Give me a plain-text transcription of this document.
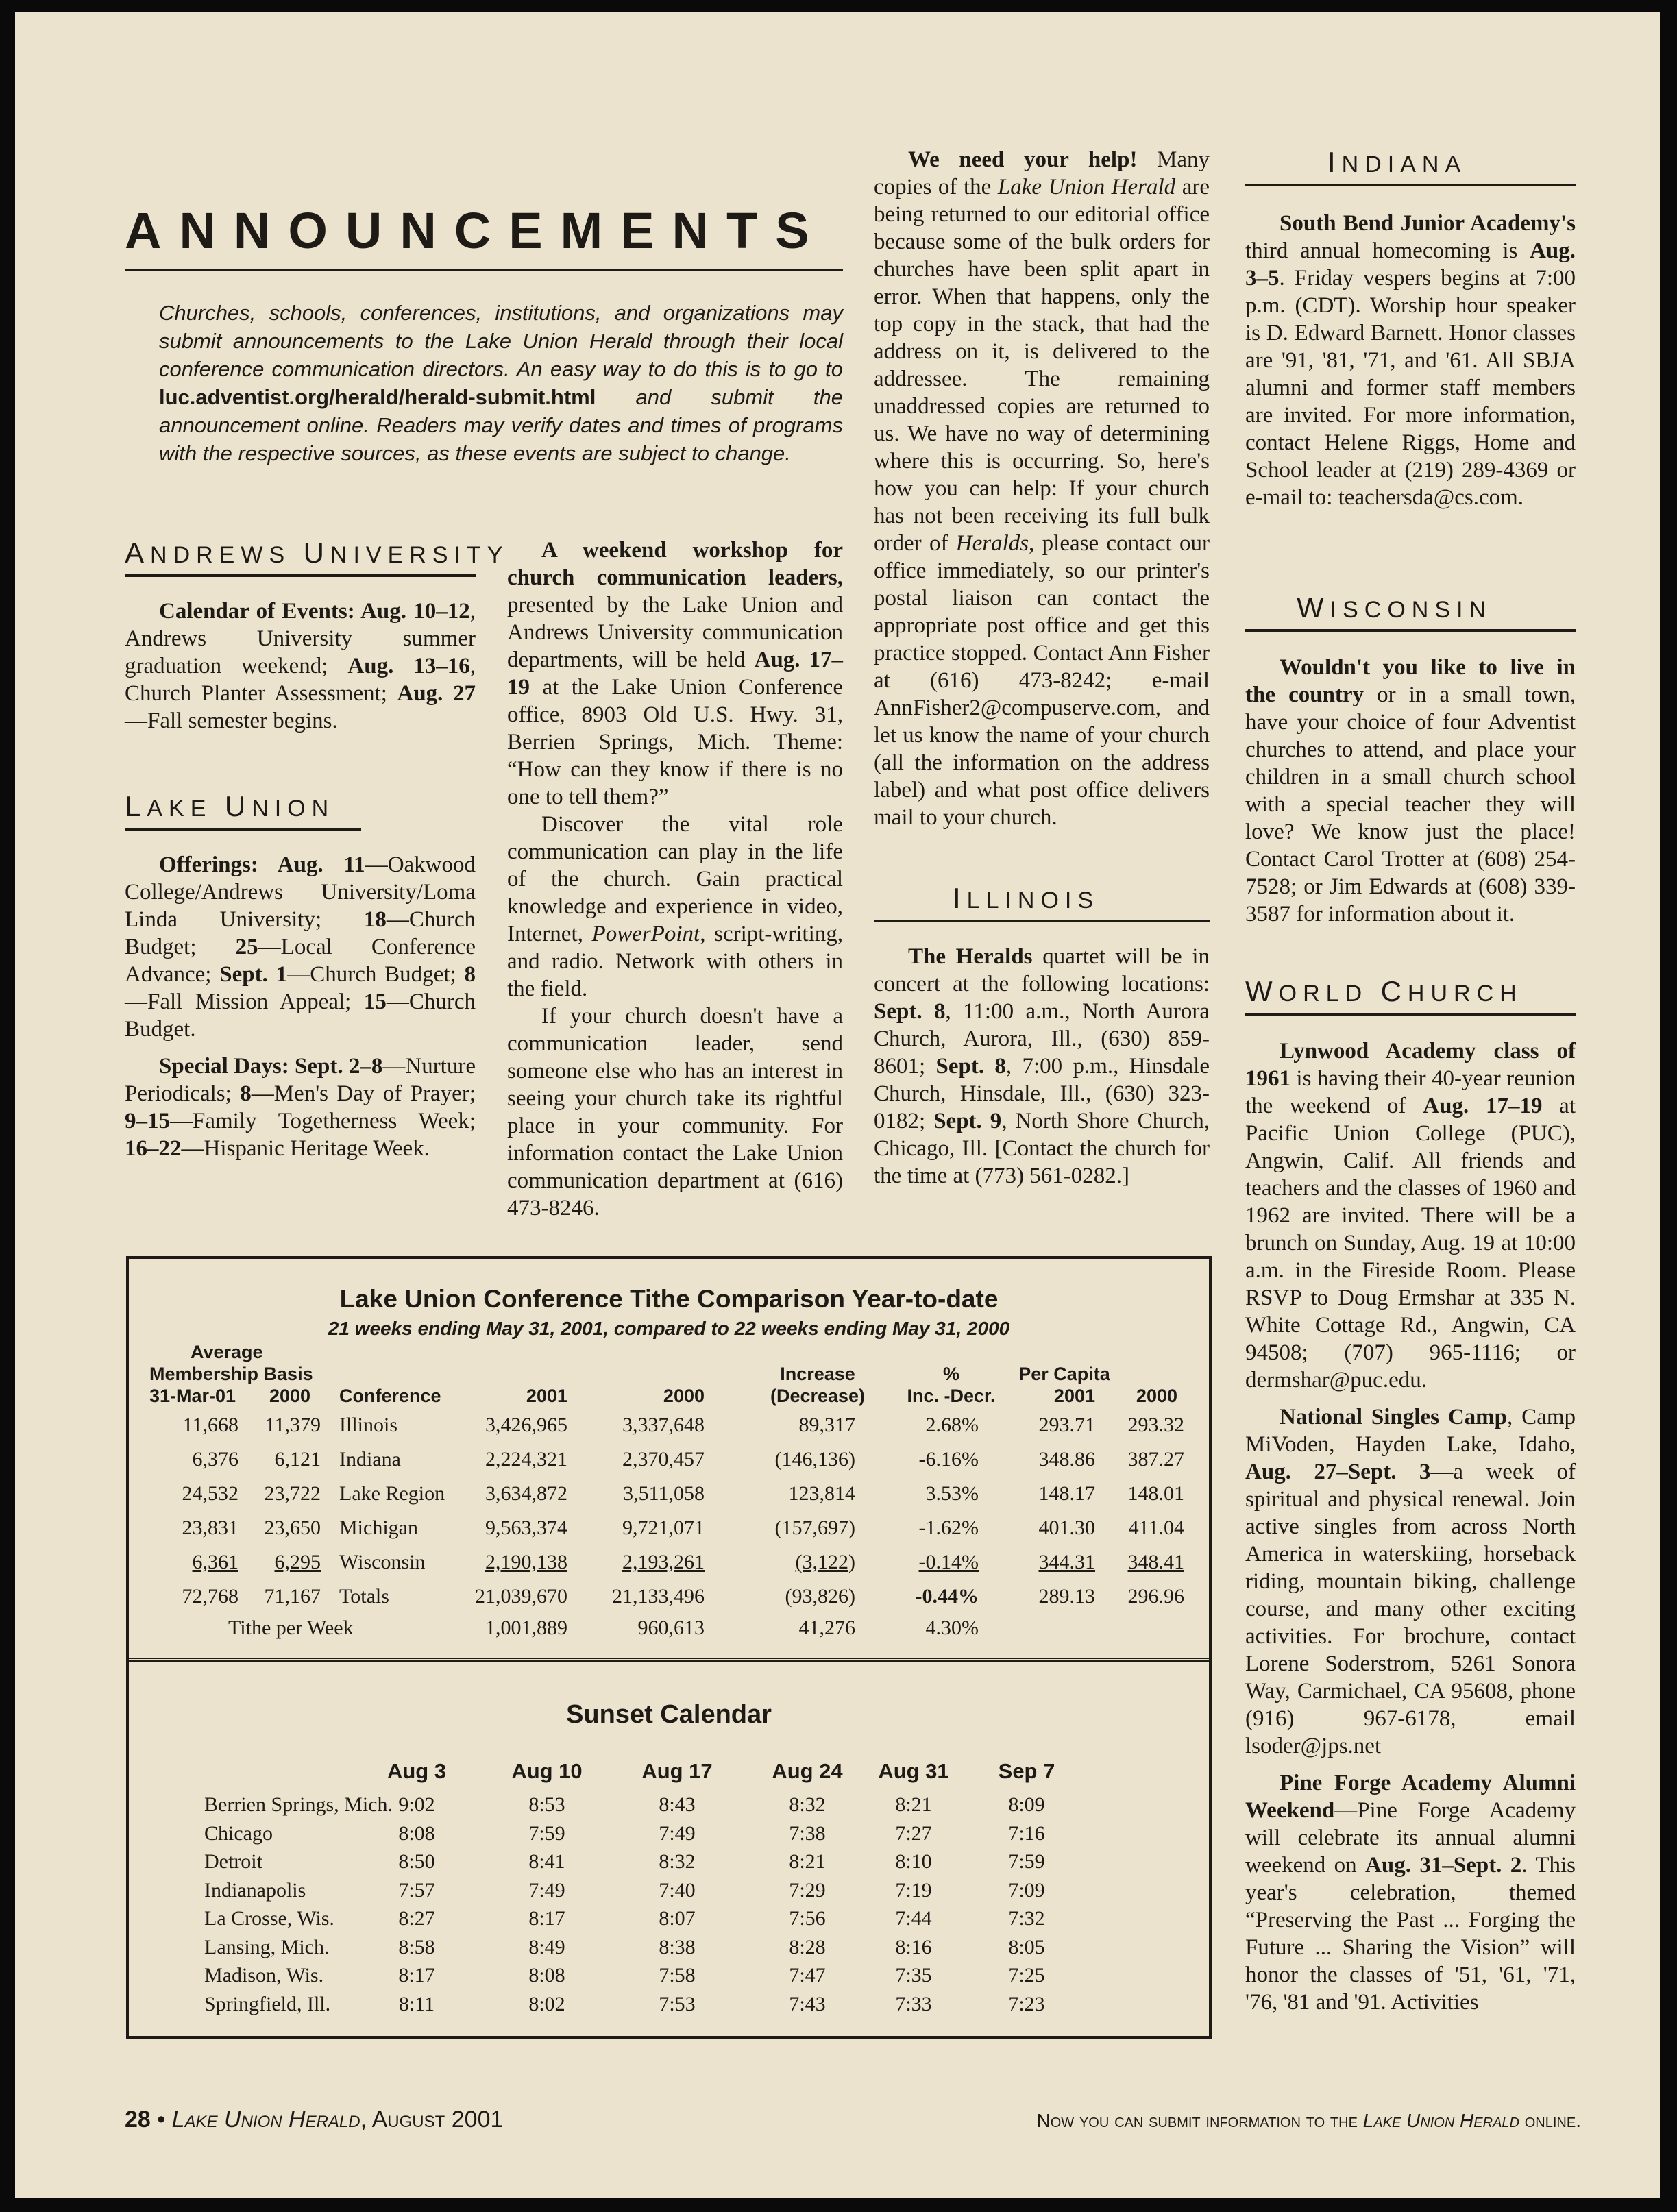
ANNOUNCEMENTS
Churches, schools, conferences, institutions, and organizations may submit announcements to the Lake Union Herald through their local conference communication directors. An easy way to do this is to go to luc.adventist.org/herald/herald-submit.html and submit the announcement online. Readers may verify dates and times of programs with the respective sources, as these events are subject to change.
ANDREWS UNIVERSITY

Calendar of Events: Aug. 10–12, Andrews University summer graduation weekend; Aug. 13–16, Church Planter Assessment; Aug. 27—Fall semester begins.

LAKE UNION

Offerings: Aug. 11—Oakwood College/Andrews University/Loma Linda University; 18—Church Budget; 25—Local Conference Advance; Sept. 1—Church Budget; 8—Fall Mission Appeal; 15—Church Budget.

Special Days: Sept. 2–8—Nurture Periodicals; 8—Men's Day of Prayer; 9–15—Family Togetherness Week; 16–22—Hispanic Heritage Week.

A weekend workshop for church communication leaders, presented by the Lake Union and Andrews University communication departments, will be held Aug. 17–19 at the Lake Union Conference office, 8903 Old U.S. Hwy. 31, Berrien Springs, Mich. Theme: “How can they know if there is no one to tell them?”

Discover the vital role communication can play in the life of the church. Gain practical knowledge and experience in video, Internet, PowerPoint, script-writing, and radio. Network with others in the field.

If your church doesn't have a communication leader, send someone else who has an interest in seeing your church take its rightful place in your community. For information contact the Lake Union communication department at (616) 473-8246.

We need your help! Many copies of the Lake Union Herald are being returned to our editorial office because some of the bulk orders for churches have been split apart in error. When that happens, only the top copy in the stack, that had the address on it, is delivered to the addressee. The remaining unaddressed copies are returned to us. We have no way of determining where this is occurring. So, here's how you can help: If your church has not been receiving its full bulk order of Heralds, please contact our office immediately, so our printer's postal liaison can contact the appropriate post office and get this practice stopped. Contact Ann Fisher at (616) 473-8242; e-mail AnnFisher2@compuserve.com, and let us know the name of your church (all the information on the address label) and what post office delivers mail to your church.

ILLINOIS

The Heralds quartet will be in concert at the following locations: Sept. 8, 11:00 a.m., North Aurora Church, Aurora, Ill., (630) 859-8601; Sept. 8, 7:00 p.m., Hinsdale Church, Hinsdale, Ill., (630) 323-0182; Sept. 9, North Shore Church, Chicago, Ill. [Contact the church for the time at (773) 561-0282.]

INDIANA

South Bend Junior Academy's third annual homecoming is Aug. 3–5. Friday vespers begins at 7:00 p.m. (CDT). Worship hour speaker is D. Edward Barnett. Honor classes are '91, '81, '71, and '61. All SBJA alumni and former staff members are invited. For more information, contact Helene Riggs, Home and School leader at (219) 289-4369 or e-mail to: teachersda@cs.com.

WISCONSIN

Wouldn't you like to live in the country or in a small town, have your choice of four Adventist churches to attend, and place your children in a small church school with a special teacher they will love? We know just the place! Contact Carol Trotter at (608) 254-7528; or Jim Edwards at (608) 339-3587 for information about it.

WORLD CHURCH

Lynwood Academy class of 1961 is having their 40-year reunion the weekend of Aug. 17–19 at Pacific Union College (PUC), Angwin, Calif. All friends and teachers and the classes of 1960 and 1962 are invited. There will be a brunch on Sunday, Aug. 19 at 10:00 a.m. in the Fireside Room. Please RSVP to Doug Ermshar at 335 N. White Cottage Rd., Angwin, CA 94508; (707) 965-1116; or dermshar@puc.edu.

National Singles Camp, Camp MiVoden, Hayden Lake, Idaho, Aug. 27–Sept. 3—a week of spiritual and physical renewal. Join active singles from across North America in waterskiing, horseback riding, mountain biking, challenge course, and many other exciting activities. For brochure, contact Lorene Soderstrom, 5261 Sonora Way, Carmichael, CA 95608, phone (916) 967-6178, email lsoder@jps.net

Pine Forge Academy Alumni Weekend—Pine Forge Academy will celebrate its annual alumni weekend on Aug. 31–Sept. 2. This year's celebration, themed “Preserving the Past ... Forging the Future ... Sharing the Vision” will honor the classes of '51, '61, '71, '76, '81 and '91. Activities

Lake Union Conference Tithe Comparison Year-to-date
21 weeks ending May 31, 2001, compared to 22 weeks ending May 31, 2000
Average
Membership Basis
31-Mar-01 2000 Conference	2001	2000
Increase
(Decrease)
%
Inc. -Decr.
Per Capita
2001	2000
11,668	11,379 Illinois	3,426,965	3,337,648	89,317	2.68%	293.71	293.32
6,376	6,121 Indiana	2,224,321	2,370,457	(146,136)	-6.16%	348.86	387.27
24,532	23,722 Lake Region	3,634,872	3,511,058	123,814	3.53%	148.17	148.01
23,831	23,650 Michigan	9,563,374	9,721,071	(157,697)	-1.62%	401.30	411.04
6,361	6,295 Wisconsin	2,190,138	2,193,261	(3,122)	-0.14%	344.31	348.41
72,768	71,167 Totals	21,039,670	21,133,496	(93,826)	-0.44%	289.13	296.96
Tithe per Week	1,001,889	960,613	41,276	4.30%
Sunset Calendar
Aug 3	Aug 10	Aug 17	Aug 24	Aug 31	Sep 7
Berrien Springs, Mich. 9:02	8:53	8:43	8:32	8:21	8:09
Chicago	8:08	7:59	7:49	7:38	7:27	7:16
Detroit	8:50	8:41	8:32	8:21	8:10	7:59
Indianapolis	7:57	7:49	7:40	7:29	7:19	7:09
La Crosse, Wis.	8:27	8:17	8:07	7:56	7:44	7:32
Lansing, Mich.	8:58	8:49	8:38	8:28	8:16	8:05
Madison, Wis.	8:17	8:08	7:58	7:47	7:35	7:25
Springfield, Ill.	8:11	8:02	7:53	7:43	7:33	7:23
28 • Lake Union Herald, August 2001	Now you can submit information to the Lake Union Herald online.
